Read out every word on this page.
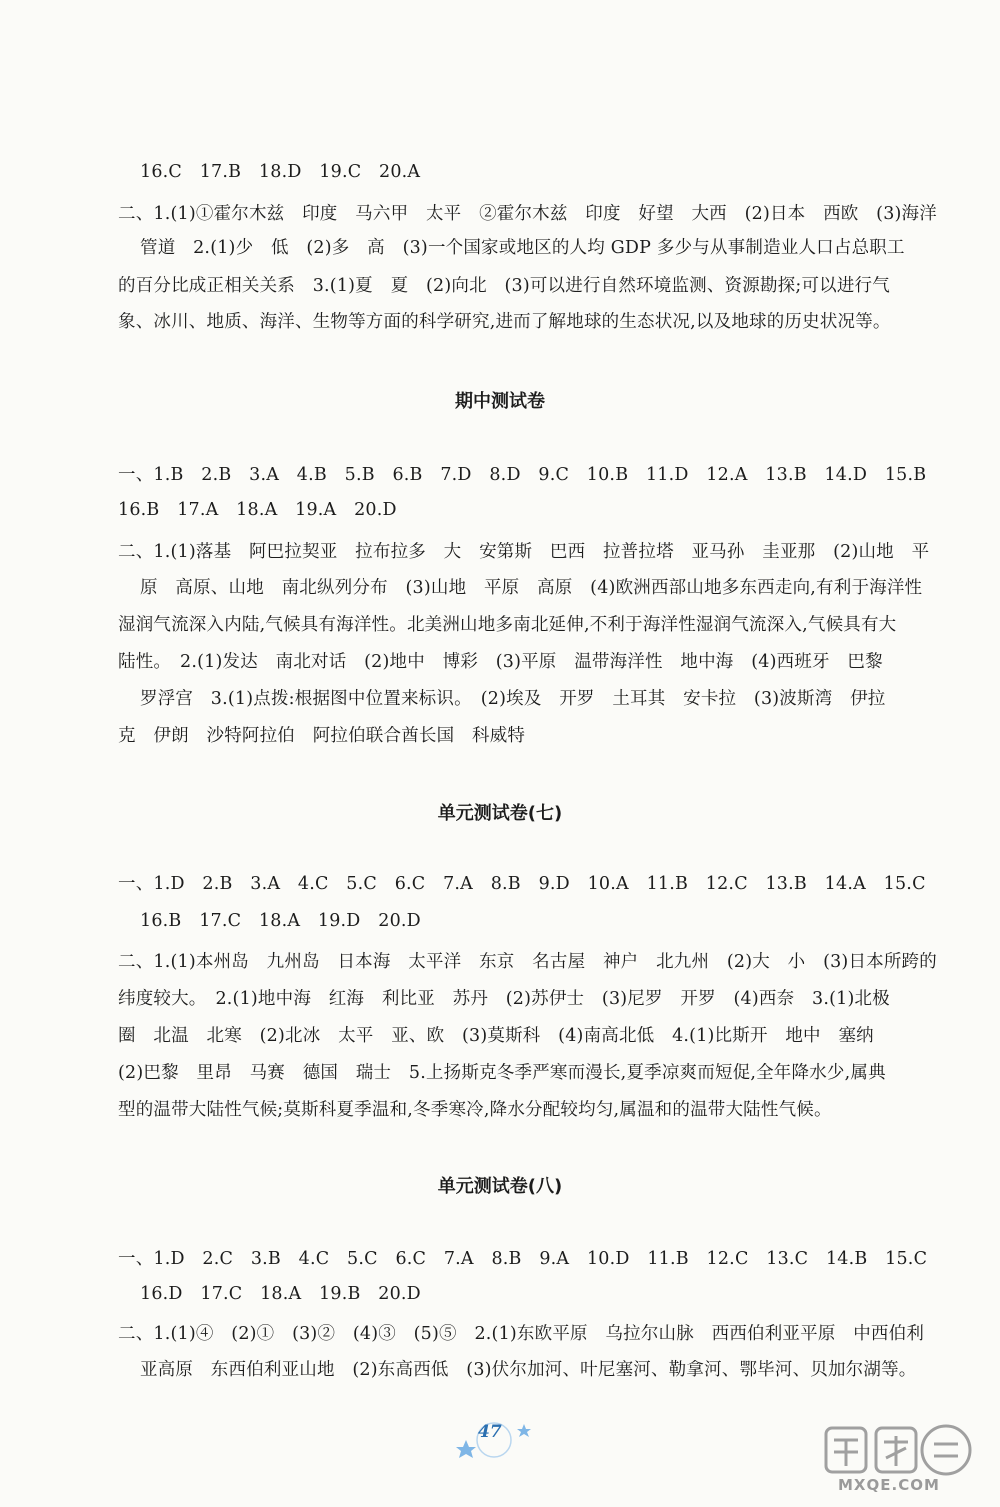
16.C　17.B　18.D　19.C　20.A
二、1.(1)①霍尔木兹　印度　马六甲　太平　②霍尔木兹　印度　好望　大西　(2)日本　西欧　(3)海洋
管道　2.(1)少　低　(2)多　高　(3)一个国家或地区的人均 GDP 多少与从事制造业人口占总职工
的百分比成正相关关系　3.(1)夏　夏　(2)向北　(3)可以进行自然环境监测、资源勘探;可以进行气
象、冰川、地质、海洋、生物等方面的科学研究,进而了解地球的生态状况,以及地球的历史状况等。
期中测试卷
一、1.B　2.B　3.A　4.B　5.B　6.B　7.D　8.D　9.C　10.B　11.D　12.A　13.B　14.D　15.B
16.B　17.A　18.A　19.A　20.D
二、1.(1)落基　阿巴拉契亚　拉布拉多　大　安第斯　巴西　拉普拉塔　亚马孙　圭亚那　(2)山地　平
原　高原、山地　南北纵列分布　(3)山地　平原　高原　(4)欧洲西部山地多东西走向,有利于海洋性
湿润气流深入内陆,气候具有海洋性。北美洲山地多南北延伸,不利于海洋性湿润气流深入,气候具有大
陆性。　2.(1)发达　南北对话　(2)地中　博彩　(3)平原　温带海洋性　地中海　(4)西班牙　巴黎
罗浮宫　3.(1)点拨:根据图中位置来标识。　(2)埃及　开罗　土耳其　安卡拉　(3)波斯湾　伊拉
克　伊朗　沙特阿拉伯　阿拉伯联合酋长国　科威特
单元测试卷(七)
一、1.D　2.B　3.A　4.C　5.C　6.C　7.A　8.B　9.D　10.A　11.B　12.C　13.B　14.A　15.C
16.B　17.C　18.A　19.D　20.D
二、1.(1)本州岛　九州岛　日本海　太平洋　东京　名古屋　神户　北九州　(2)大　小　(3)日本所跨的
纬度较大。　2.(1)地中海　红海　利比亚　苏丹　(2)苏伊士　(3)尼罗　开罗　(4)西奈　3.(1)北极
圈　北温　北寒　(2)北冰　太平　亚、欧　(3)莫斯科　(4)南高北低　4.(1)比斯开　地中　塞纳
(2)巴黎　里昂　马赛　德国　瑞士　5.上扬斯克冬季严寒而漫长,夏季凉爽而短促,全年降水少,属典
型的温带大陆性气候;莫斯科夏季温和,冬季寒冷,降水分配较均匀,属温和的温带大陆性气候。
单元测试卷(八)
一、1.D　2.C　3.B　4.C　5.C　6.C　7.A　8.B　9.A　10.D　11.B　12.C　13.C　14.B　15.C
16.D　17.C　18.A　19.B　20.D
二、1.(1)④　(2)①　(3)②　(4)③　(5)⑤　2.(1)东欧平原　乌拉尔山脉　西西伯利亚平原　中西伯利
亚高原　东西伯利亚山地　(2)东高西低　(3)伏尔加河、叶尼塞河、勒拿河、鄂毕河、贝加尔湖等。
47
MXQE.COM
